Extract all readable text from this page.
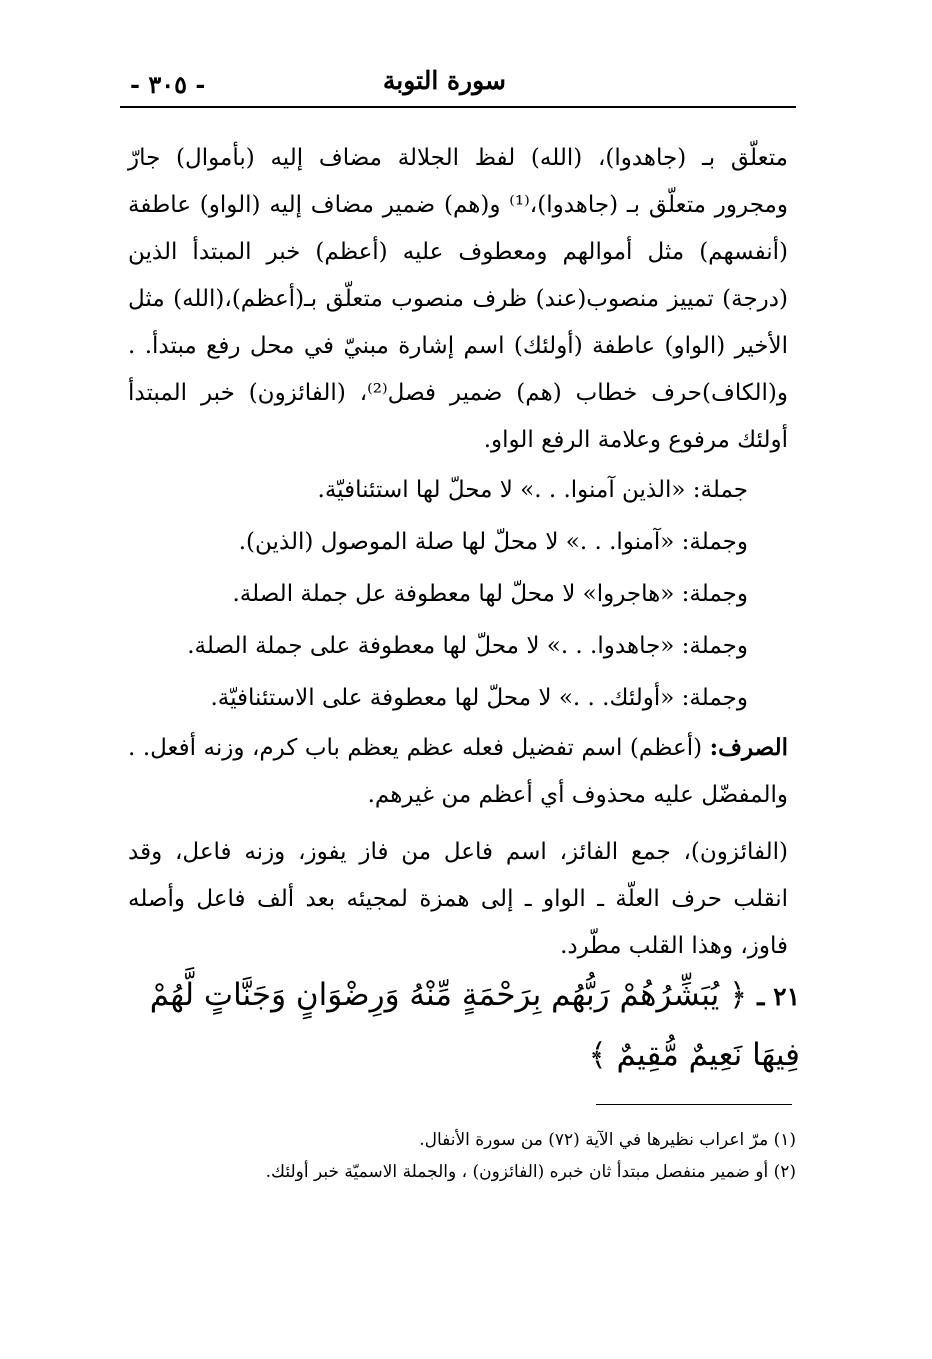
سورة التوبة
- ٣٠٥ -

متعلّق بـ (جاهدوا)، (الله) لفظ الجلالة مضاف إليه (بأموال) جارّ ومجرور متعلّق بـ (جاهدوا)،⁽¹⁾ و(هم) ضمير مضاف إليه (الواو) عاطفة (أنفسهم) مثل أموالهم ومعطوف عليه (أعظم) خبر المبتدأ الذين (درجة) تمييز منصوب(عند) ظرف منصوب متعلّق بـ(أعظم)،(الله) مثل الأخير (الواو) عاطفة (أولئك) اسم إشارة مبنيّ في محل رفع مبتدأ. . و(الكاف)حرف خطاب (هم) ضمير فصل⁽²⁾، (الفائزون) خبر المبتدأ أولئك مرفوع وعلامة الرفع الواو.

جملة: «الذين آمنوا. . .» لا محلّ لها استئنافيّة.

وجملة: «آمنوا. . .» لا محلّ لها صلة الموصول (الذين).

وجملة: «هاجروا» لا محلّ لها معطوفة عل جملة الصلة.

وجملة: «جاهدوا. . .» لا محلّ لها معطوفة على جملة الصلة.

وجملة: «أولئك. . .» لا محلّ لها معطوفة على الاستئنافيّة.

الصرف: (أعظم) اسم تفضيل فعله عظم يعظم باب كرم، وزنه أفعل. . والمفضّل عليه محذوف أي أعظم من غيرهم.

(الفائزون)، جمع الفائز، اسم فاعل من فاز يفوز، وزنه فاعل، وقد انقلب حرف العلّة ـ الواو ـ إلى همزة لمجيئه بعد ألف فاعل وأصله فاوز، وهذا القلب مطّرد.

٢١ ـ ﴿ يُبَشِّرُهُمْ رَبُّهُم بِرَحْمَةٍ مِّنْهُ وَرِضْوَانٍ وَجَنَّاتٍ لَّهُمْ فِيهَا نَعِيمٌ مُّقِيمٌ ﴾

(١) مرّ اعراب نظيرها في الآية (٧٢) من سورة الأنفال.

(٢) أو ضمير منفصل مبتدأ ثان خبره (الفائزون) ، والجملة الاسميّة خبر أولئك.
